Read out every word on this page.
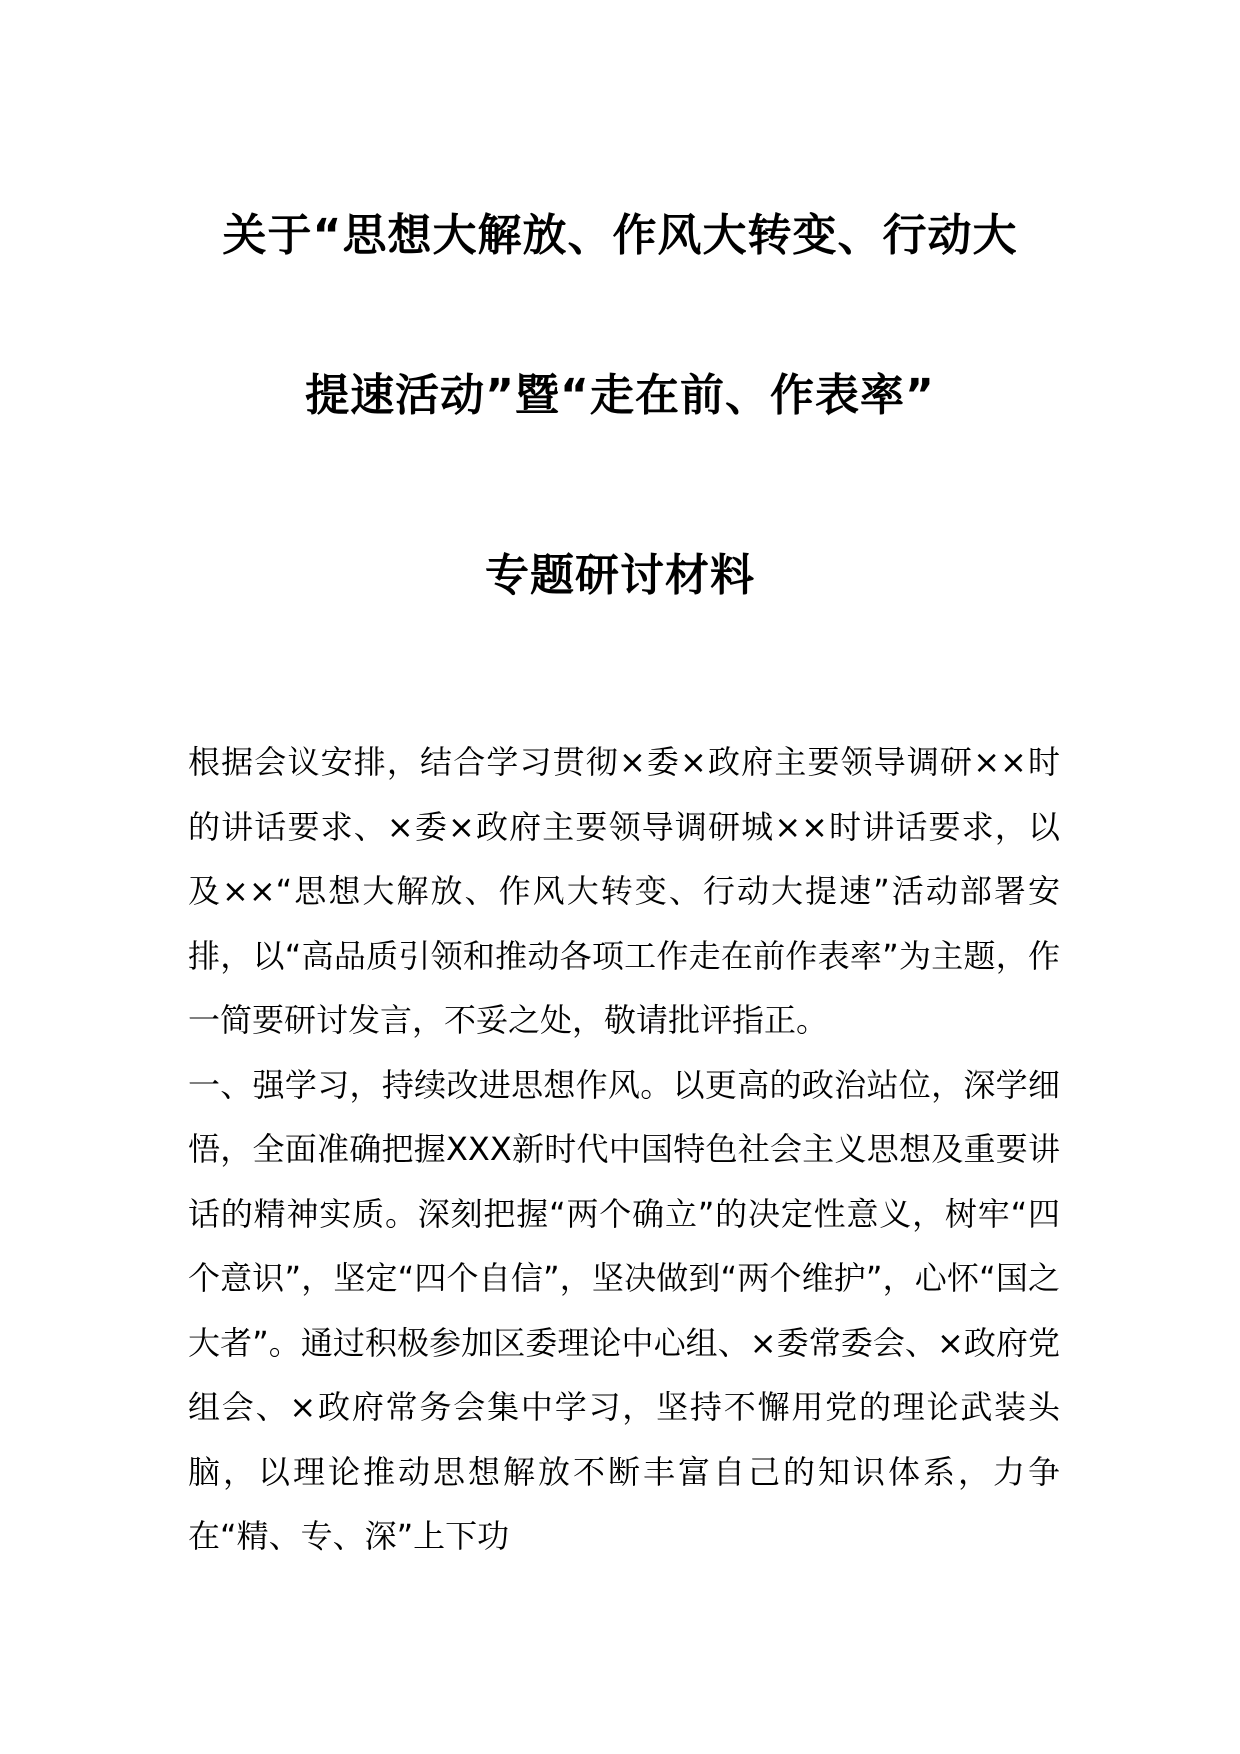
关于“思想大解放、作风大转变、行动大
提速活动”暨“走在前、作表率”
专题研讨材料

根据会议安排，结合学习贯彻×委×政府主要领导调研××时的讲话要求、×委×政府主要领导调研城××时讲话要求，以及××“思想大解放、作风大转变、行动大提速”活动部署安排，以“高品质引领和推动各项工作走在前作表率”为主题，作一简要研讨发言，不妥之处，敬请批评指正。

一、强学习，持续改进思想作风。以更高的政治站位，深学细悟，全面准确把握XXX新时代中国特色社会主义思想及重要讲话的精神实质。深刻把握“两个确立”的决定性意义，树牢“四个意识”，坚定“四个自信”，坚决做到“两个维护”，心怀“国之大者”。通过积极参加区委理论中心组、×委常委会、×政府党组会、×政府常务会集中学习，坚持不懈用党的理论武装头脑，以理论推动思想解放不断丰富自己的知识体系，力争在“精、专、深”上下功
